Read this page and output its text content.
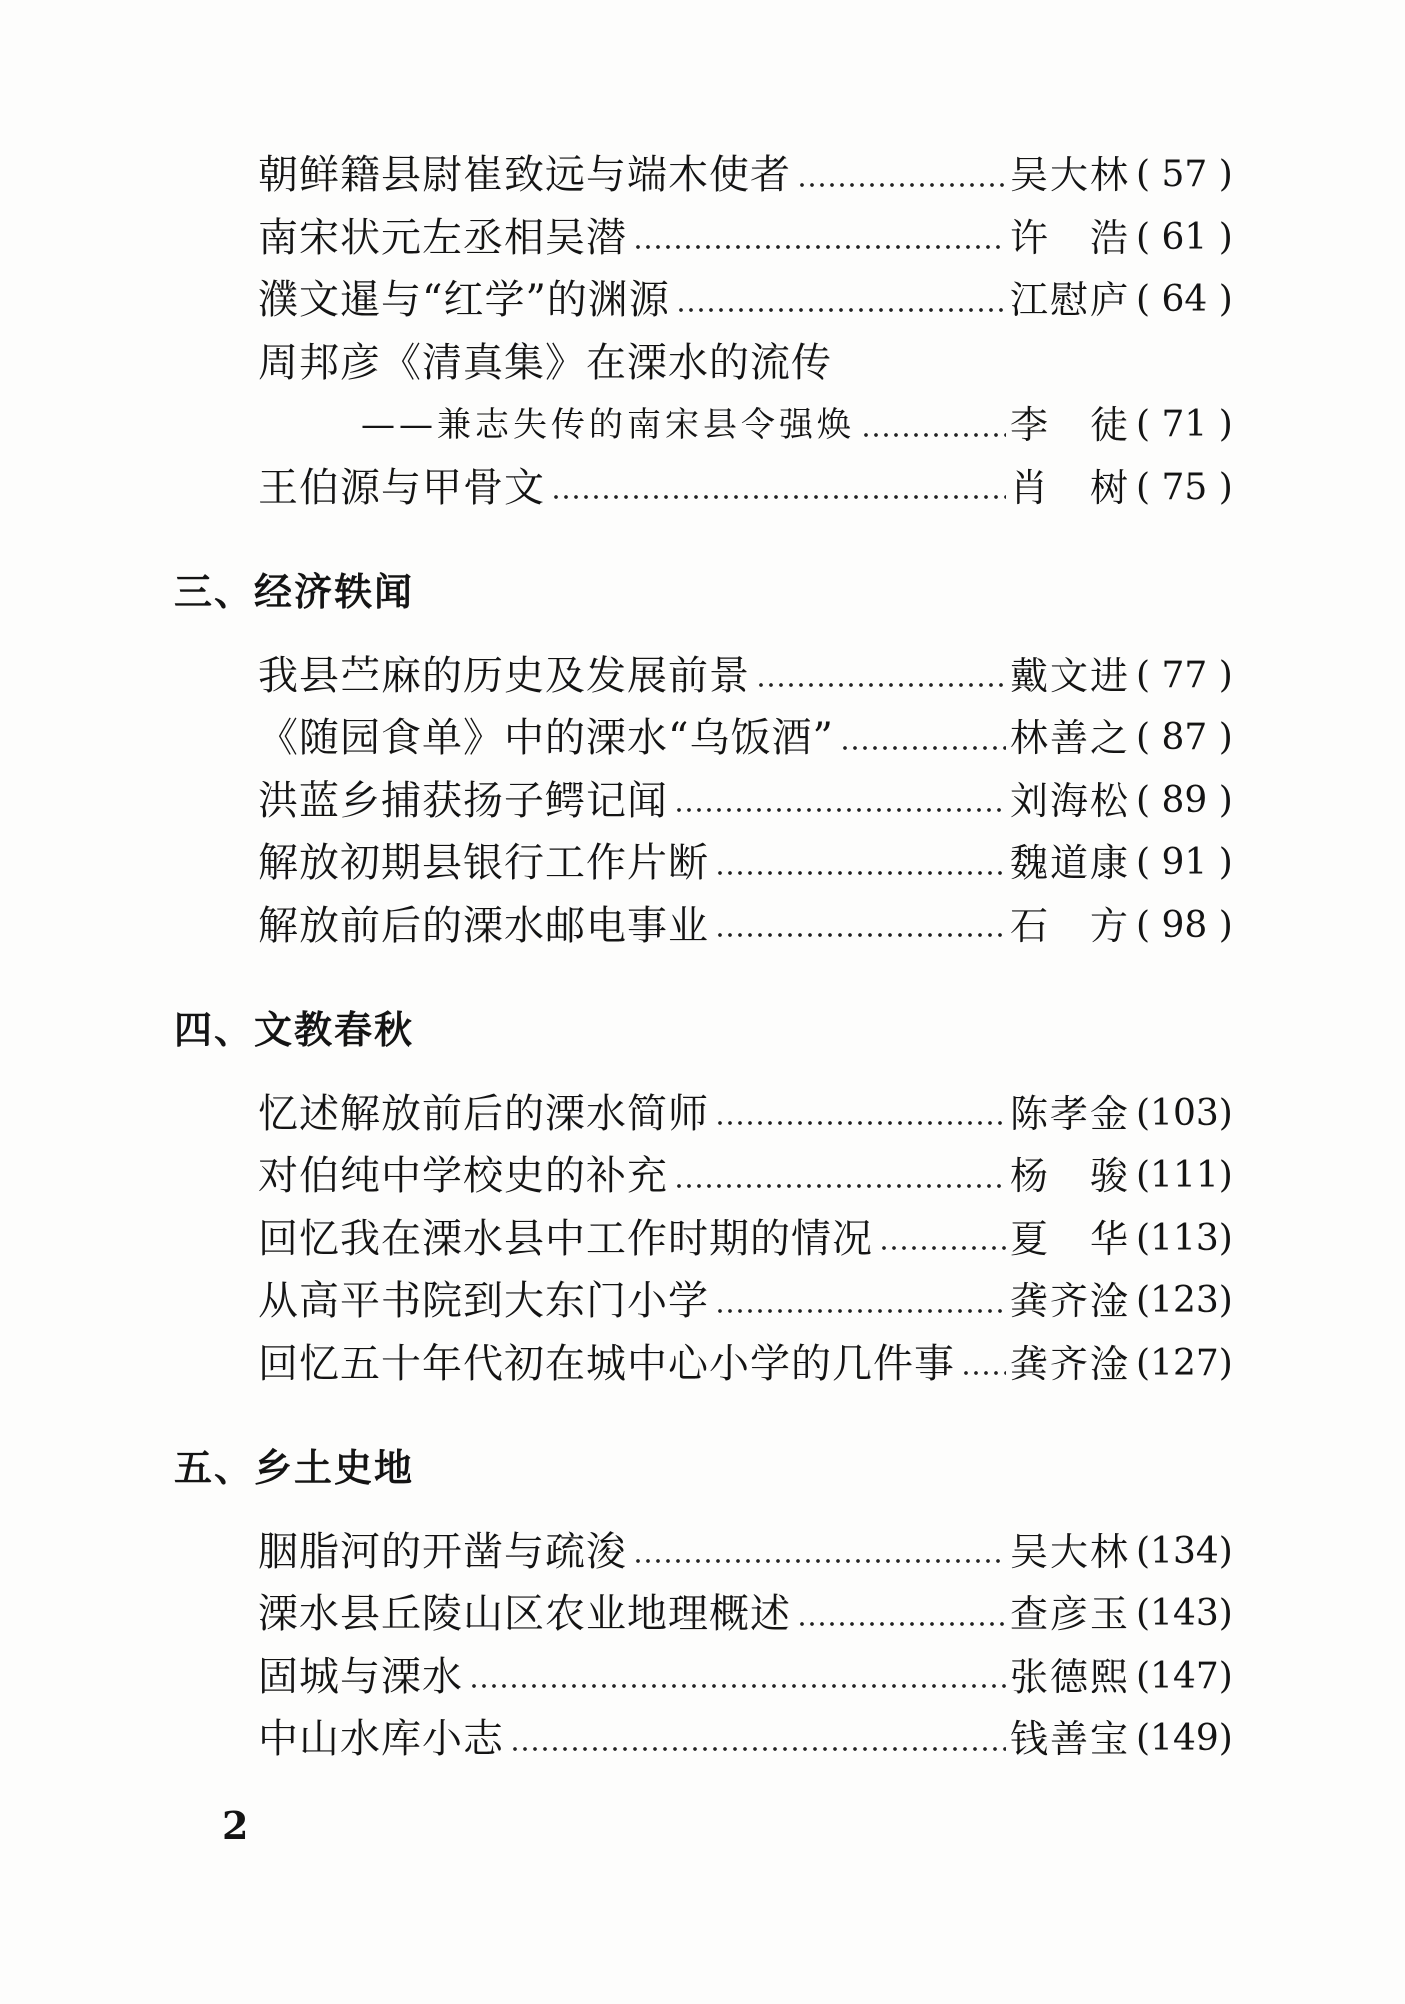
朝鲜籍县尉崔致远与端木使者	吴大林 ( 57 )
南宋状元左丞相吴潜	许　浩 ( 61 )
濮文暹与“红学”的渊源	江慰庐 ( 64 )
周邦彦《清真集》在溧水的流传
——兼志失传的南宋县令强焕	李　徒 ( 71 )
王伯源与甲骨文	肖　树 ( 75 )
三、经济轶闻
我县苎麻的历史及发展前景	戴文进 ( 77 )
《随园食单》中的溧水“乌饭酒”	林善之 ( 87 )
洪蓝乡捕获扬子鳄记闻	刘海松 ( 89 )
解放初期县银行工作片断	魏道康 ( 91 )
解放前后的溧水邮电事业	石　方 ( 98 )
四、文教春秋
忆述解放前后的溧水简师	陈孝金 (103)
对伯纯中学校史的补充	杨　骏 (111)
回忆我在溧水县中工作时期的情况	夏　华 (113)
从高平书院到大东门小学	龚齐淦 (123)
回忆五十年代初在城中心小学的几件事 龚齐淦 (127)
五、乡土史地
胭脂河的开凿与疏浚	吴大林 (134)
溧水县丘陵山区农业地理概述	查彦玉 (143)
固城与溧水	张德熙 (147)
中山水库小志	钱善宝 (149)
2
